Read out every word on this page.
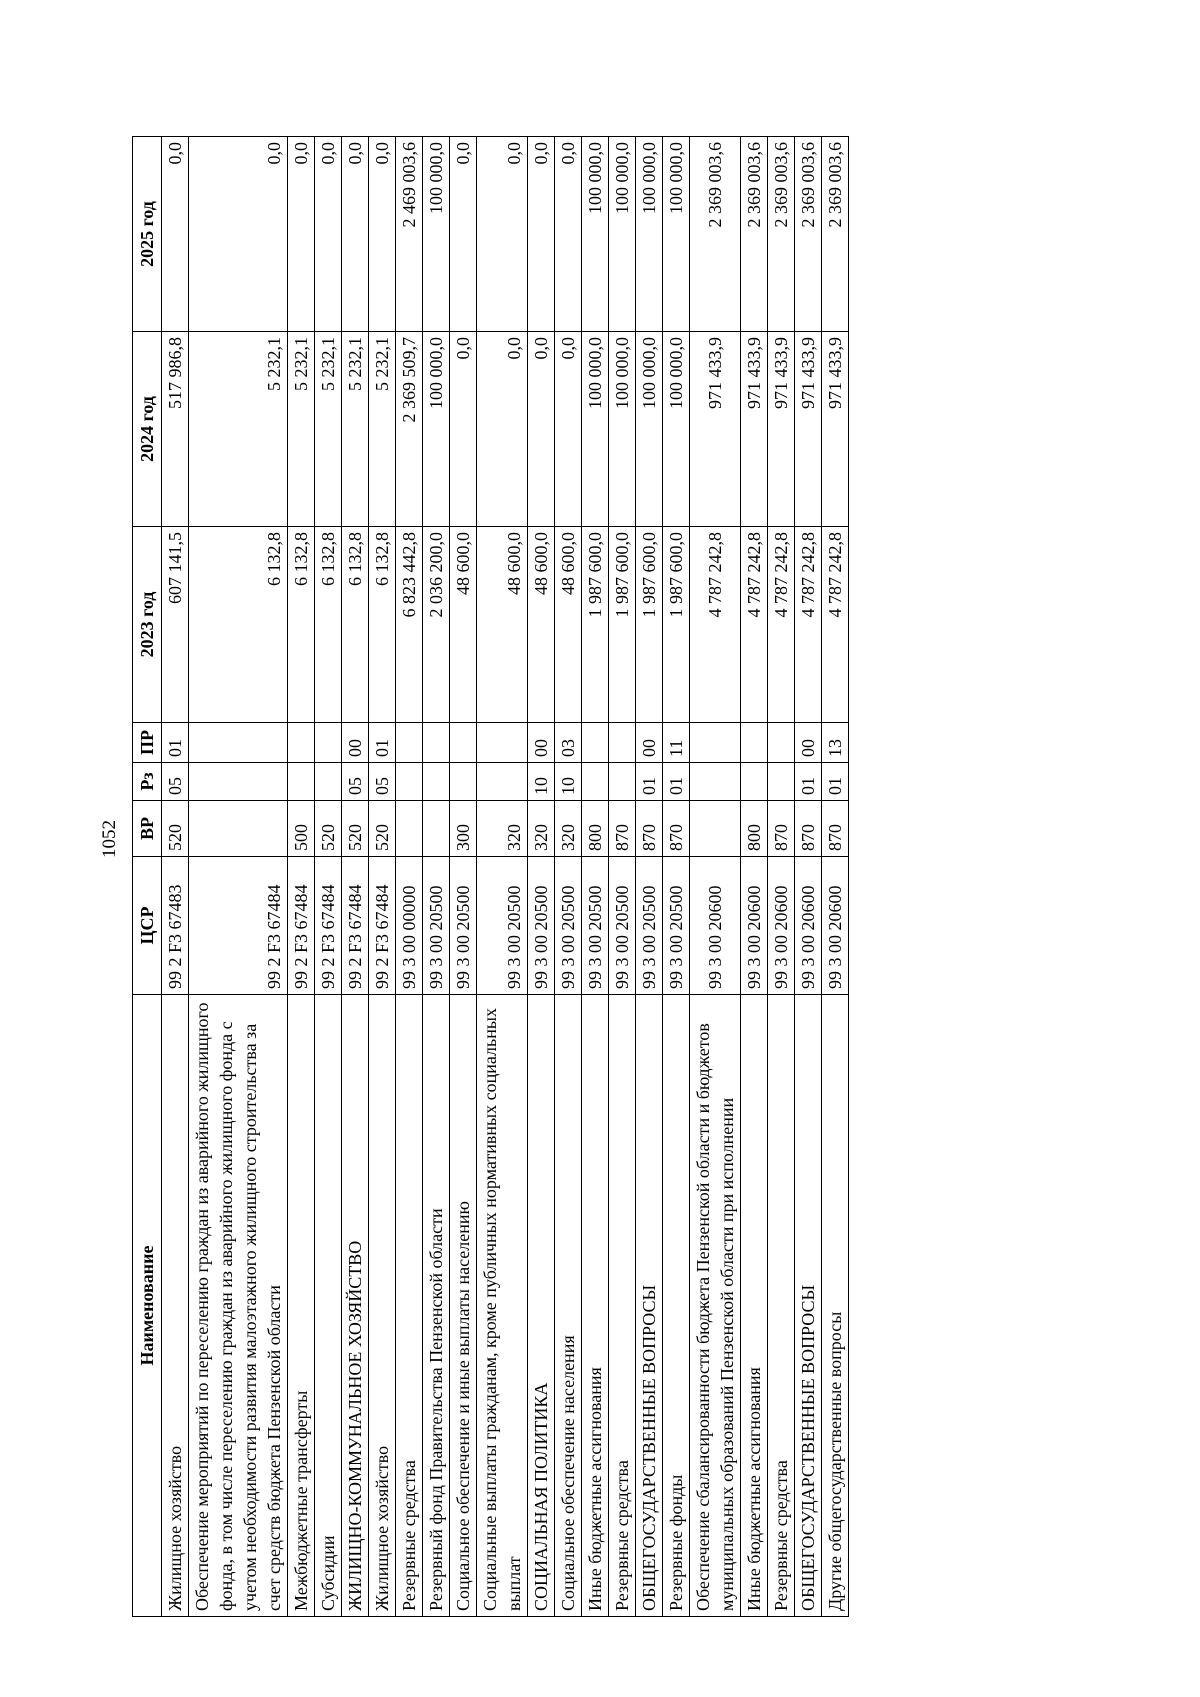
1052
Наименование	ЦСР	ВР	Рз	ПР	2023 год	2024 год	2025 год
Жилищное хозяйство	99 2 F3 67483	520	05	01	607 141,5	517 986,8	0,0
Обеспечение мероприятий по переселению граждан из аварийного жилищного фонда, в том числе переселению граждан из аварийного жилищного фонда с учетом необходимости развития малоэтажного жилищного строительства за счет средств бюджета Пензенской области	99 2 F3 67484				6 132,8	5 232,1	0,0
Межбюджетные трансферты	99 2 F3 67484	500			6 132,8	5 232,1	0,0
Субсидии	99 2 F3 67484	520			6 132,8	5 232,1	0,0
ЖИЛИЩНО-КОММУНАЛЬНОЕ ХОЗЯЙСТВО	99 2 F3 67484	520	05	00	6 132,8	5 232,1	0,0
Жилищное хозяйство	99 2 F3 67484	520	05	01	6 132,8	5 232,1	0,0
Резервные средства	99 3 00 00000				6 823 442,8	2 369 509,7	2 469 003,6
Резервный фонд Правительства Пензенской области	99 3 00 20500				2 036 200,0	100 000,0	100 000,0
Социальное обеспечение и иные выплаты населению	99 3 00 20500	300			48 600,0	0,0	0,0
Социальные выплаты гражданам, кроме публичных нормативных социальных выплат	99 3 00 20500	320			48 600,0	0,0	0,0
СОЦИАЛЬНАЯ ПОЛИТИКА	99 3 00 20500	320	10	00	48 600,0	0,0	0,0
Социальное обеспечение населения	99 3 00 20500	320	10	03	48 600,0	0,0	0,0
Иные бюджетные ассигнования	99 3 00 20500	800			1 987 600,0	100 000,0	100 000,0
Резервные средства	99 3 00 20500	870			1 987 600,0	100 000,0	100 000,0
ОБЩЕГОСУДАРСТВЕННЫЕ ВОПРОСЫ	99 3 00 20500	870	01	00	1 987 600,0	100 000,0	100 000,0
Резервные фонды	99 3 00 20500	870	01	11	1 987 600,0	100 000,0	100 000,0
Обеспечение сбалансированности бюджета Пензенской области и бюджетов муниципальных образований Пензенской области при исполнении	99 3 00 20600				4 787 242,8	971 433,9	2 369 003,6
Иные бюджетные ассигнования	99 3 00 20600	800			4 787 242,8	971 433,9	2 369 003,6
Резервные средства	99 3 00 20600	870			4 787 242,8	971 433,9	2 369 003,6
ОБЩЕГОСУДАРСТВЕННЫЕ ВОПРОСЫ	99 3 00 20600	870	01	00	4 787 242,8	971 433,9	2 369 003,6
Другие общегосударственные вопросы	99 3 00 20600	870	01	13	4 787 242,8	971 433,9	2 369 003,6
